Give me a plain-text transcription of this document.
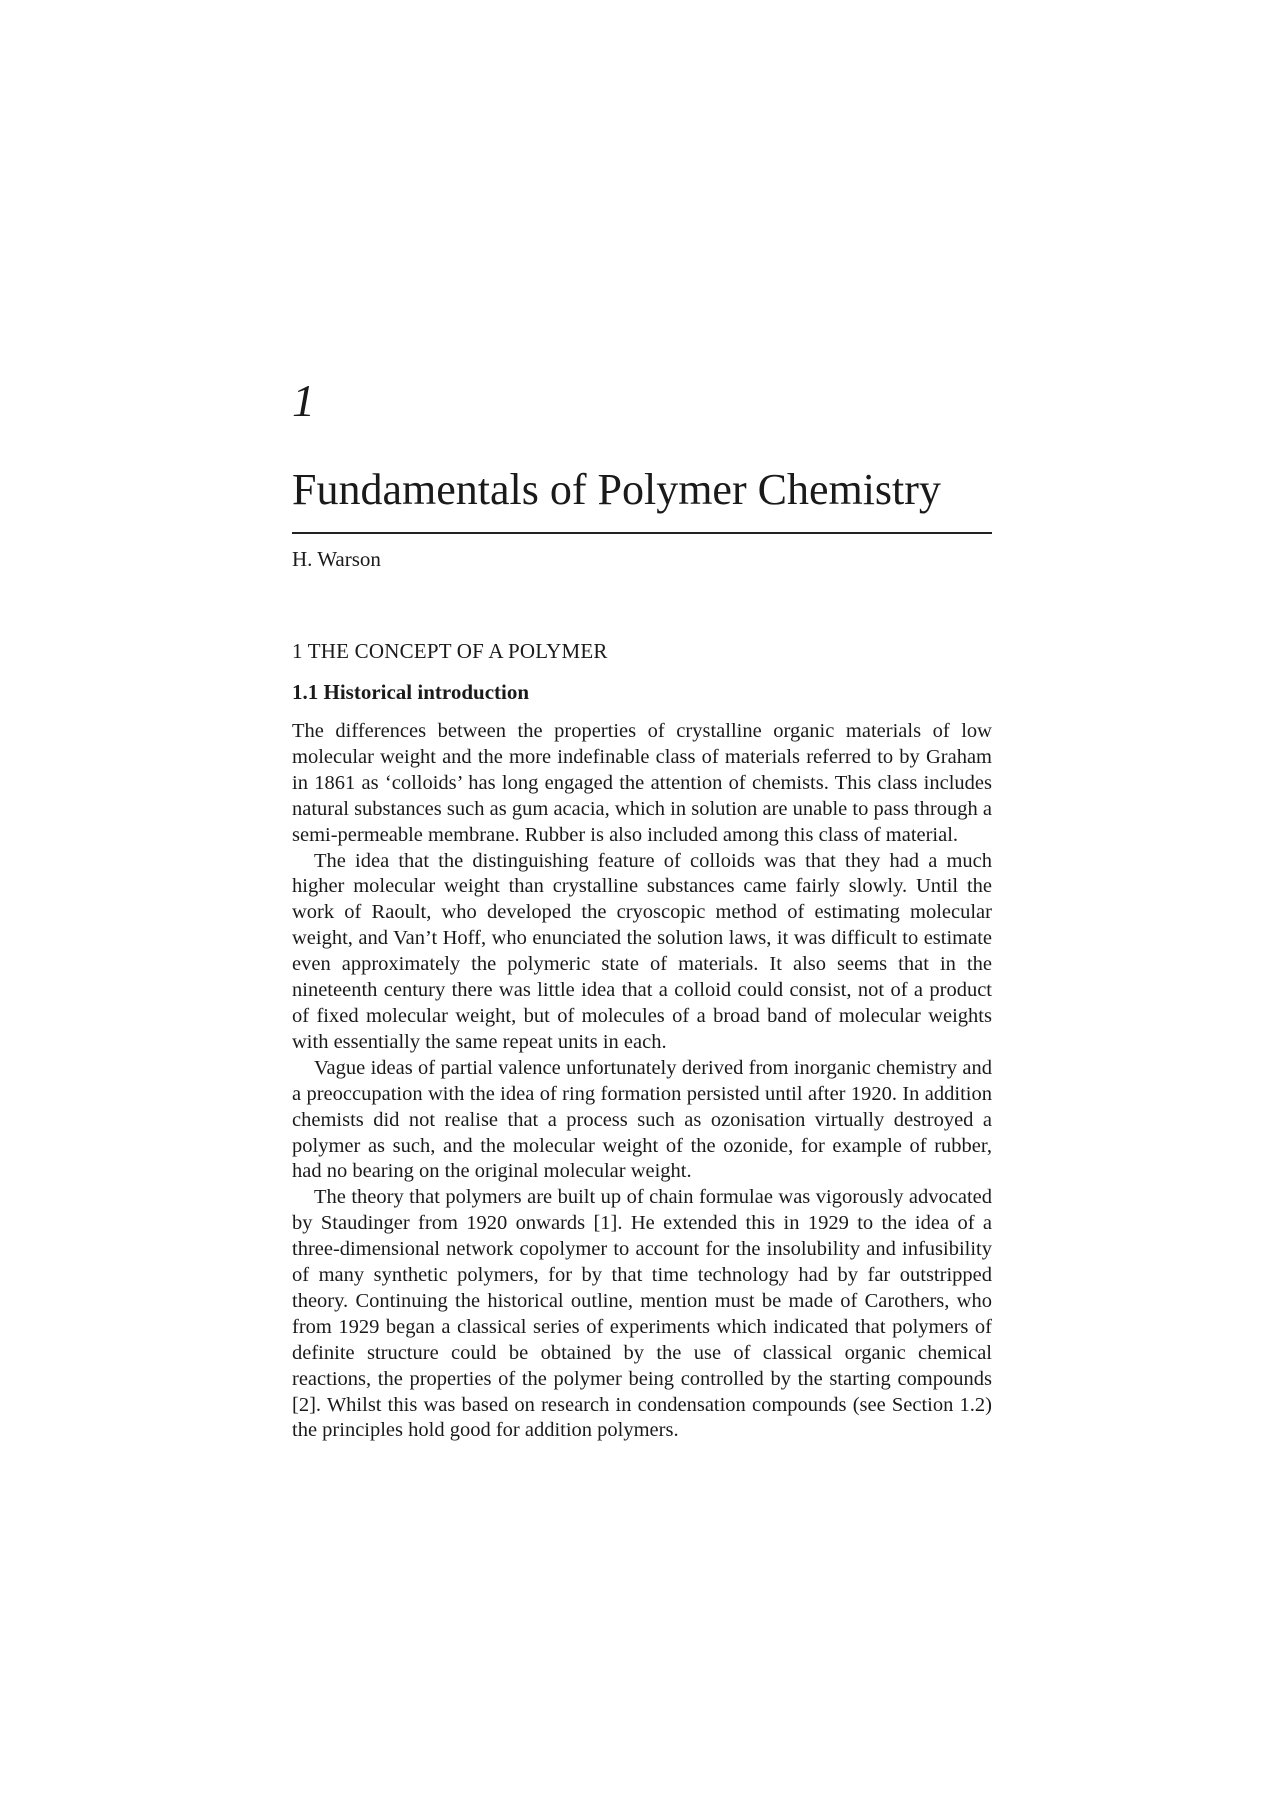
1
Fundamentals of Polymer Chemistry
H. Warson
1 THE CONCEPT OF A POLYMER
1.1 Historical introduction

The differences between the properties of crystalline organic materials of low molecular weight and the more indefinable class of materials referred to by Graham in 1861 as ‘colloids’ has long engaged the attention of chemists. This class includes natural substances such as gum acacia, which in solution are unable to pass through a semi-permeable membrane. Rubber is also included among this class of material.

The idea that the distinguishing feature of colloids was that they had a much higher molecular weight than crystalline substances came fairly slowly. Until the work of Raoult, who developed the cryoscopic method of estimating molecular weight, and Van’t Hoff, who enunciated the solution laws, it was difficult to estimate even approximately the polymeric state of materials. It also seems that in the nineteenth century there was little idea that a colloid could consist, not of a product of fixed molecular weight, but of molecules of a broad band of molecular weights with essentially the same repeat units in each.

Vague ideas of partial valence unfortunately derived from inorganic chemistry and a preoccupation with the idea of ring formation persisted until after 1920. In addition chemists did not realise that a process such as ozonisation virtually destroyed a polymer as such, and the molecular weight of the ozonide, for example of rubber, had no bearing on the original molecular weight.

The theory that polymers are built up of chain formulae was vigorously advocated by Staudinger from 1920 onwards [1]. He extended this in 1929 to the idea of a three-dimensional network copolymer to account for the insolubility and infusibility of many synthetic polymers, for by that time technology had by far outstripped theory. Continuing the historical outline, mention must be made of Carothers, who from 1929 began a classical series of experiments which indicated that polymers of definite structure could be obtained by the use of classical organic chemical reactions, the properties of the polymer being controlled by the starting compounds [2]. Whilst this was based on research in condensation compounds (see Section 1.2) the principles hold good for addition polymers.
